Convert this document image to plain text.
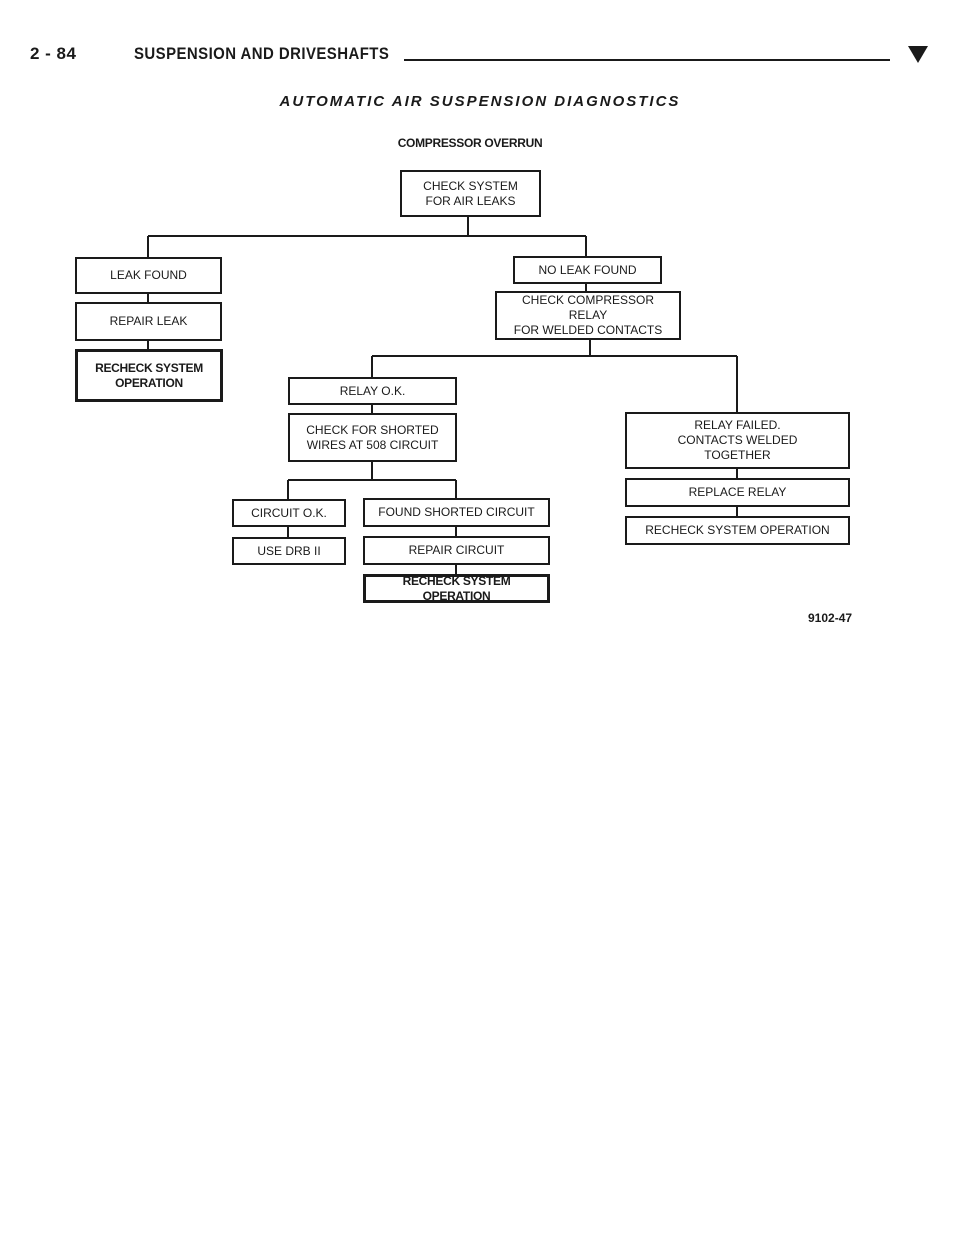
2 - 84	SUSPENSION AND DRIVESHAFTS
AUTOMATIC AIR SUSPENSION DIAGNOSTICS
COMPRESSOR OVERRUN
CHECK SYSTEM
FOR AIR LEAKS
LEAK FOUND
REPAIR LEAK
RECHECK SYSTEM
OPERATION
NO LEAK FOUND
CHECK COMPRESSOR RELAY
FOR WELDED CONTACTS
RELAY O.K.
CHECK FOR SHORTED
WIRES AT 508 CIRCUIT
CIRCUIT O.K.
USE DRB II
FOUND SHORTED CIRCUIT
REPAIR CIRCUIT
RECHECK SYSTEM OPERATION
RELAY FAILED.
CONTACTS WELDED
TOGETHER
REPLACE RELAY
RECHECK SYSTEM OPERATION
9102-47
